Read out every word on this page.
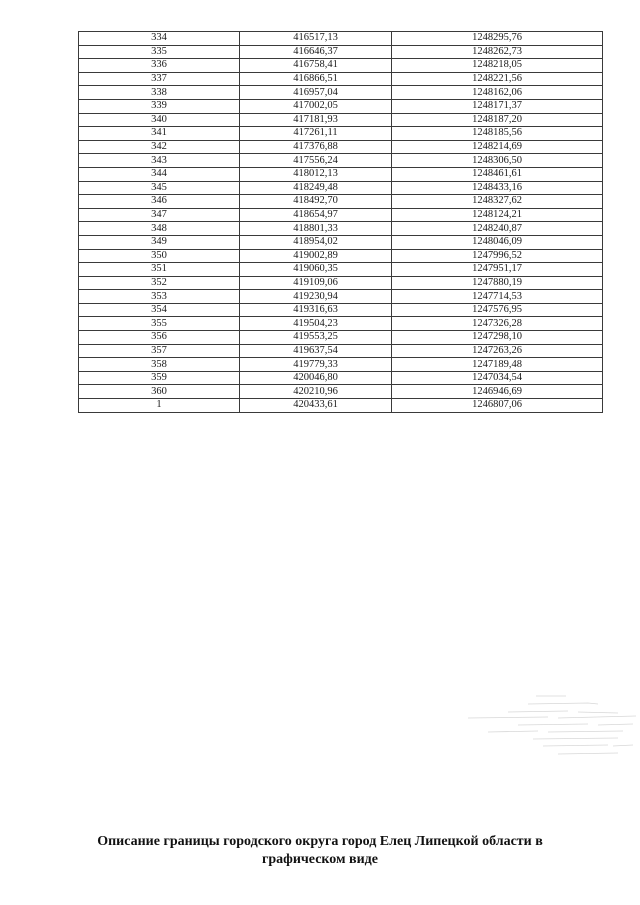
334	416517,13	1248295,76
335	416646,37	1248262,73
336	416758,41	1248218,05
337	416866,51	1248221,56
338	416957,04	1248162,06
339	417002,05	1248171,37
340	417181,93	1248187,20
341	417261,11	1248185,56
342	417376,88	1248214,69
343	417556,24	1248306,50
344	418012,13	1248461,61
345	418249,48	1248433,16
346	418492,70	1248327,62
347	418654,97	1248124,21
348	418801,33	1248240,87
349	418954,02	1248046,09
350	419002,89	1247996,52
351	419060,35	1247951,17
352	419109,06	1247880,19
353	419230,94	1247714,53
354	419316,63	1247576,95
355	419504,23	1247326,28
356	419553,25	1247298,10
357	419637,54	1247263,26
358	419779,33	1247189,48
359	420046,80	1247034,54
360	420210,96	1246946,69
1	420433,61	1246807,06
Описание границы городского округа город Елец Липецкой области в
графическом виде
